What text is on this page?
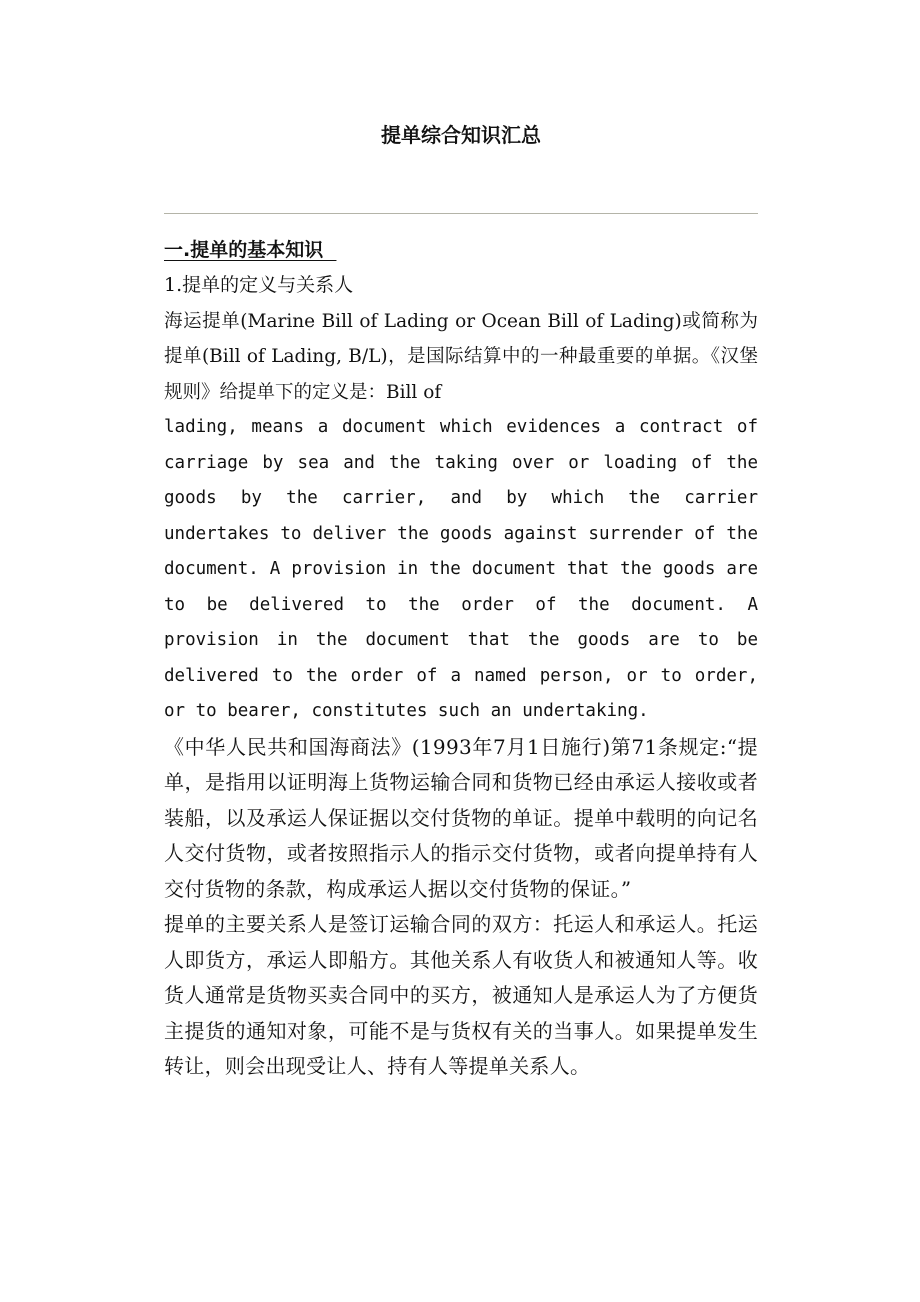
提单综合知识汇总
一.提单的基本知识
1.提单的定义与关系人

海运提单(Marine Bill of Lading or Ocean Bill of Lading)或简称为提单(Bill of Lading, B/L)，是国际结算中的一种最重要的单据。《汉堡规则》给提单下的定义是：Bill of

lading, means a document which evidences a contract of carriage by sea and the taking over or loading of the goods by the carrier, and by which the carrier undertakes to deliver the goods against surrender of the document. A provision in the document that the goods are to be delivered to the order of the document. A provision in the document that the goods are to be delivered to the order of a named person, or to order, or to bearer, constitutes such an undertaking.

《中华人民共和国海商法》(1993年7月1日施行)第71条规定:“提单，是指用以证明海上货物运输合同和货物已经由承运人接收或者装船，以及承运人保证据以交付货物的单证。提单中载明的向记名人交付货物，或者按照指示人的指示交付货物，或者向提单持有人交付货物的条款，构成承运人据以交付货物的保证。”

提单的主要关系人是签订运输合同的双方：托运人和承运人。托运人即货方，承运人即船方。其他关系人有收货人和被通知人等。收货人通常是货物买卖合同中的买方，被通知人是承运人为了方便货主提货的通知对象，可能不是与货权有关的当事人。如果提单发生转让，则会出现受让人、持有人等提单关系人。
